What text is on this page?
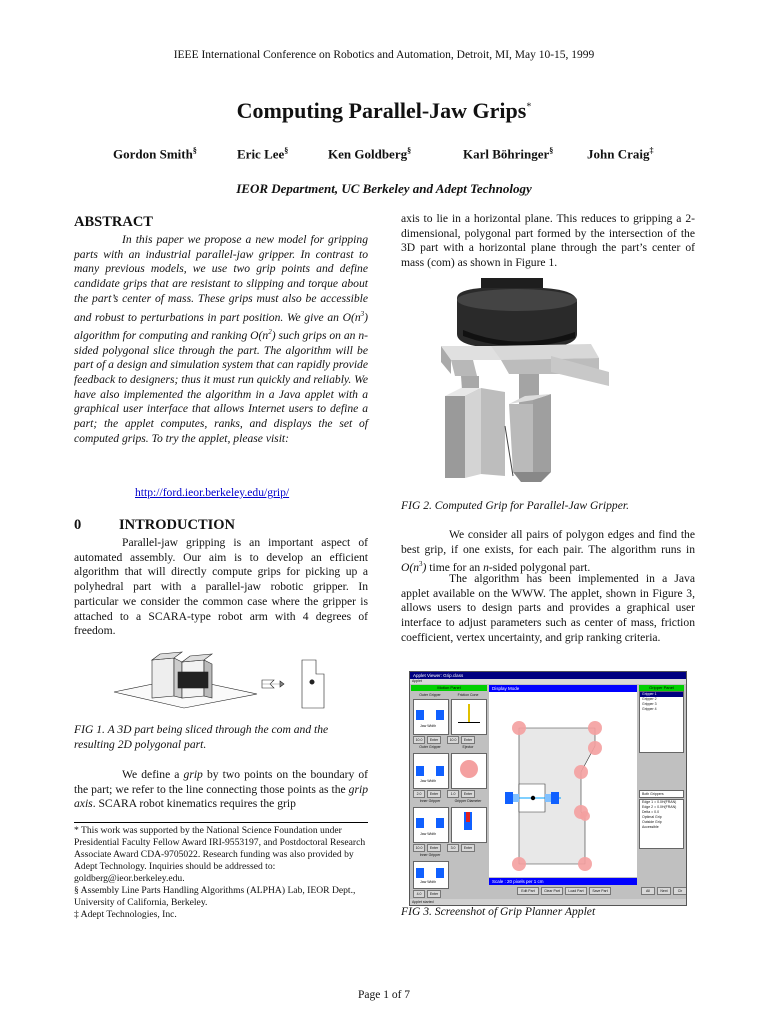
IEEE International Conference on Robotics and Automation, Detroit, MI, May 10-15, 1999
Computing Parallel-Jaw Grips*
Gordon Smith§	Eric Lee§	Ken Goldberg§	Karl Böhringer§	John Craig‡
IEOR Department, UC Berkeley and Adept Technology
ABSTRACT
In this paper we propose a new model for gripping parts with an industrial parallel-jaw gripper. In contrast to many previous models, we use two grip points and define candidate grips that are resistant to slipping and torque about the part’s center of mass. These grips must also be accessible and robust to perturbations in part position. We give an $O(n^3)$ algorithm for computing and ranking $O(n^2)$ such grips on an n-sided polygonal slice through the part. The algorithm will be part of a design and simulation system that can rapidly provide feedback to designers; thus it must run quickly and reliably. We have also implemented the algorithm in a Java applet with a graphical user interface that allows Internet users to define a part; the applet computes, ranks, and displays the set of computed grips. To try the applet, please visit:
http://ford.ieor.berkeley.edu/grip/
0	INTRODUCTION
Parallel-jaw gripping is an important aspect of automated assembly. Our aim is to develop an efficient algorithm that will directly compute grips for picking up a polyhedral part with a parallel-jaw robotic gripper. In particular we consider the common case where the gripper is attached to a SCARA-type robot arm with 4 degrees of freedom.
FIG 1. A 3D part being sliced through the com and the resulting 2D polygonal part.
We define a grip by two points on the boundary of the part; we refer to the line connecting those points as the grip axis. SCARA robot kinematics requires the grip
* This work was supported by the National Science Foundation under Presidential Faculty Fellow Award IRI-9553197, and Postdoctoral Research Associate Award CDA-9705022. Research funding was also provided by Adept Technology. Inquiries should be addressed to: goldberg@ieor.berkeley.edu.
§ Assembly Line Parts Handling Algorithms (ALPHA) Lab, IEOR Dept., University of California, Berkeley.
‡ Adept Technologies, Inc.
axis to lie in a horizontal plane. This reduces to gripping a 2-dimensional, polygonal part formed by the intersection of the 3D part with a horizontal plane through the part’s center of mass (com) as shown in Figure 1.
FIG 2. Computed Grip for Parallel-Jaw Gripper.
We consider all pairs of polygon edges and find the best grip, if one exists, for each pair. The algorithm runs in $O(n^3)$ time for an n-sided polygonal part.
The algorithm has been implemented in a Java applet available on the WWW. The applet, shown in Figure 3, allows users to design parts and provides a graphical user interface to adjust parameters such as center of mass, friction coefficient, vertex uncertainty, and grip ranking criteria.
Applet Viewer: Grip.class
Applet
Motion Panel
Outer Gripper	Friction Cone
Jaw Width
10.0	Enter	10.0	Enter
Outer Gripper	Ejector
Jaw Width
2.0	Enter	1.0	Enter
Inner Gripper	Gripper Diameter
Jaw Width
10.0	Enter	3.0	Enter
Inner Gripper
Jaw Width
4.0	Enter
Display Mode
Scale : 20 pixels per 1 cm
Edit Part	Clear Part	Load Part	Save Part
Gripper Panel
Gripper 1
Gripper 2
Gripper 3
Gripper 4
Both Grippers
Edge 1 = 0.0H(FRAN)
Edge 2 = 0.0H(FRAN)
Delta = 0.0
Optimal Grip
Outside Grip
Accessible
All	Next	Clr
Applet started
FIG 3. Screenshot of Grip Planner Applet
Page 1 of 7
